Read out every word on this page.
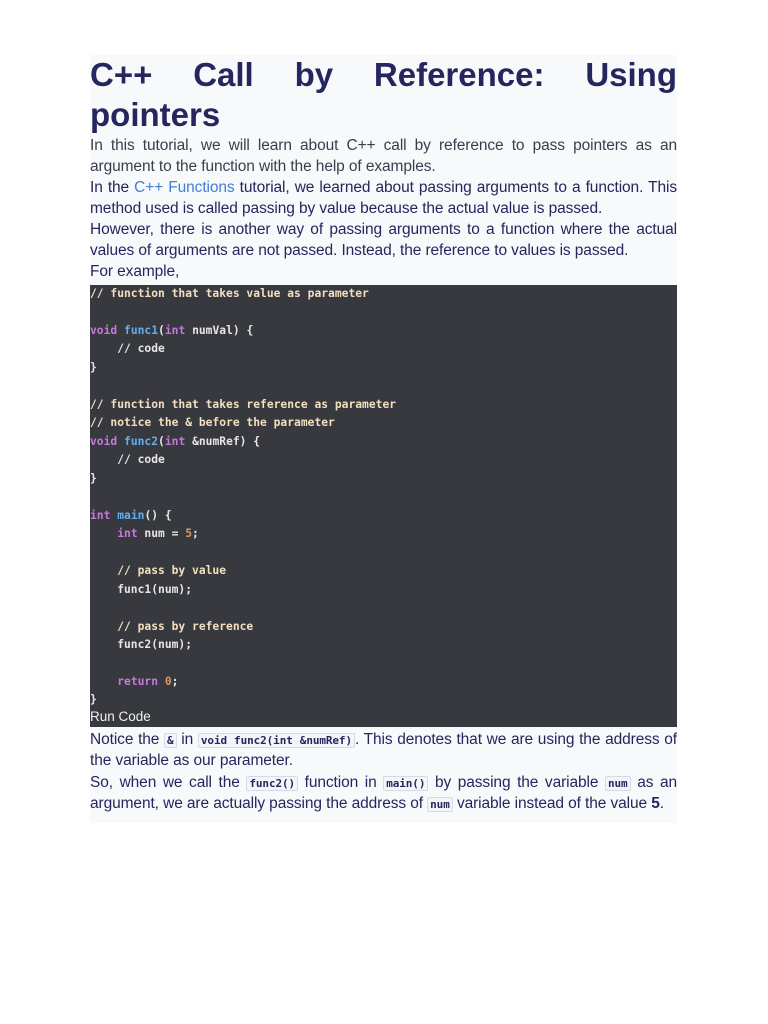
C++ Call by Reference: Using
pointers

In this tutorial, we will learn about C++ call by reference to pass pointers as an argument to the function with the help of examples.

In the C++ Functions tutorial, we learned about passing arguments to a function. This method used is called passing by value because the actual value is passed.

However, there is another way of passing arguments to a function where the actual values of arguments are not passed. Instead, the reference to values is passed.

For example,

// function that takes value as parameter
void func1(int numVal) {
// code
}
// function that takes reference as parameter
// notice the & before the parameter
void func2(int &numRef) {
// code
}
int main() {
int num = 5;
// pass by value
func1(num);
// pass by reference
func2(num);
return 0;
}
Run Code

Notice the & in void func2(int &numRef) . This denotes that we are using the address of the variable as our parameter.

So, when we call the func2() function in main() by passing the variable num as an argument, we are actually passing the address of num variable instead of the value 5.
